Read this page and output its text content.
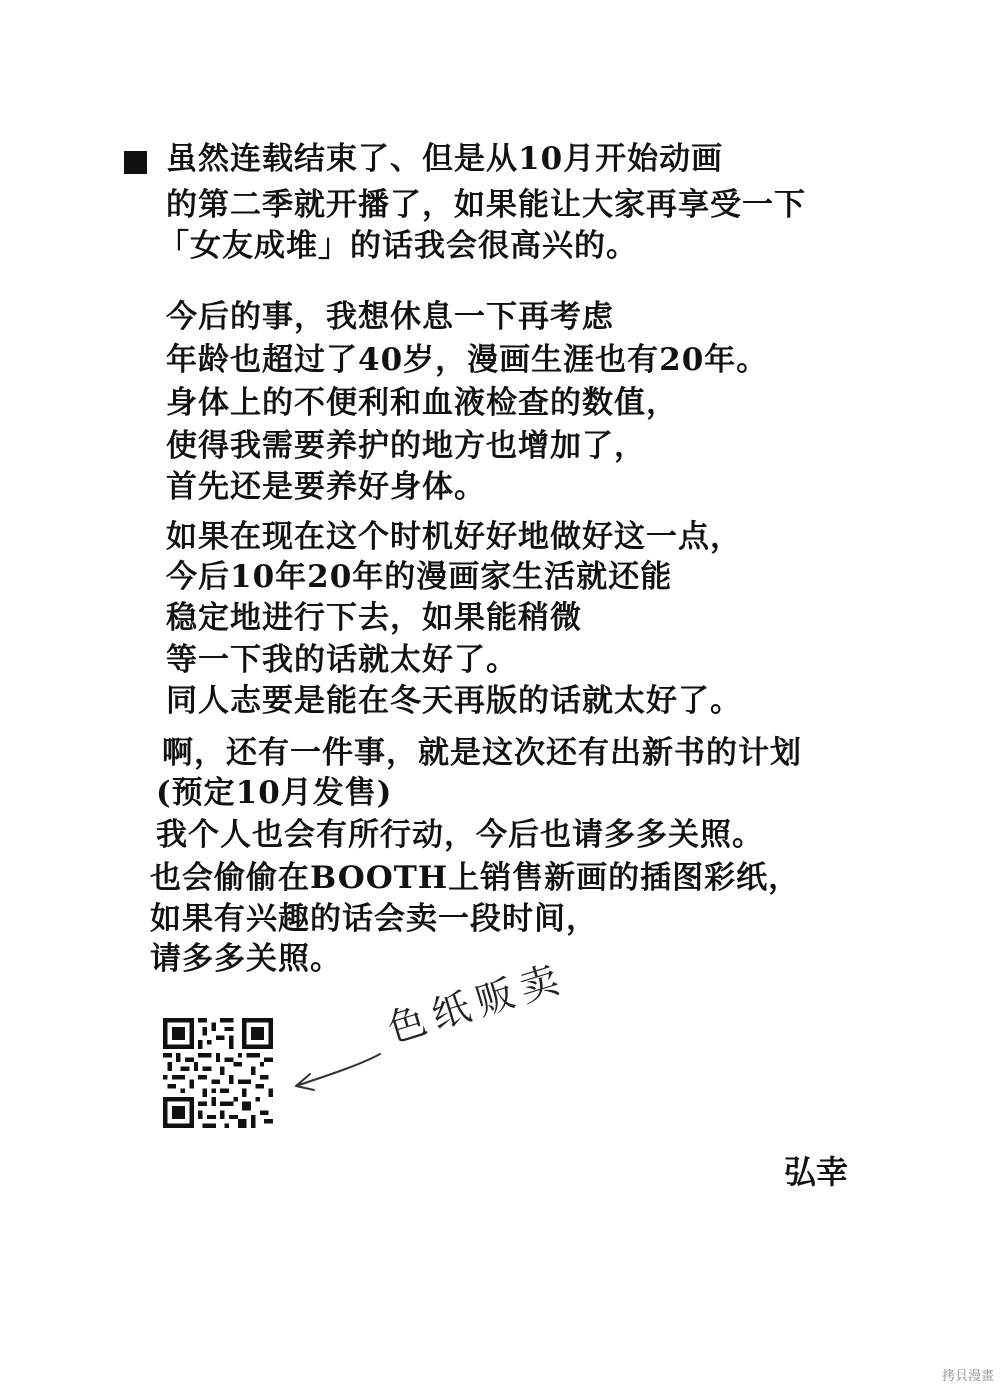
虽然连载结束了、但是从10月开始动画
的第二季就开播了，如果能让大家再享受一下
「女友成堆」的话我会很高兴的。
今后的事，我想休息一下再考虑
年龄也超过了40岁，漫画生涯也有20年。
身体上的不便利和血液检查的数值，
使得我需要养护的地方也增加了，
首先还是要养好身体。
如果在现在这个时机好好地做好这一点，
今后10年20年的漫画家生活就还能
稳定地进行下去，如果能稍微
等一下我的话就太好了。
同人志要是能在冬天再版的话就太好了。
啊，还有一件事，就是这次还有出新书的计划
(预定10月发售)
我个人也会有所行动，今后也请多多关照。
也会偷偷在BOOTH上销售新画的插图彩纸，
如果有兴趣的话会卖一段时间，
请多多关照。 色纸贩卖
弘幸
拷貝漫畫
